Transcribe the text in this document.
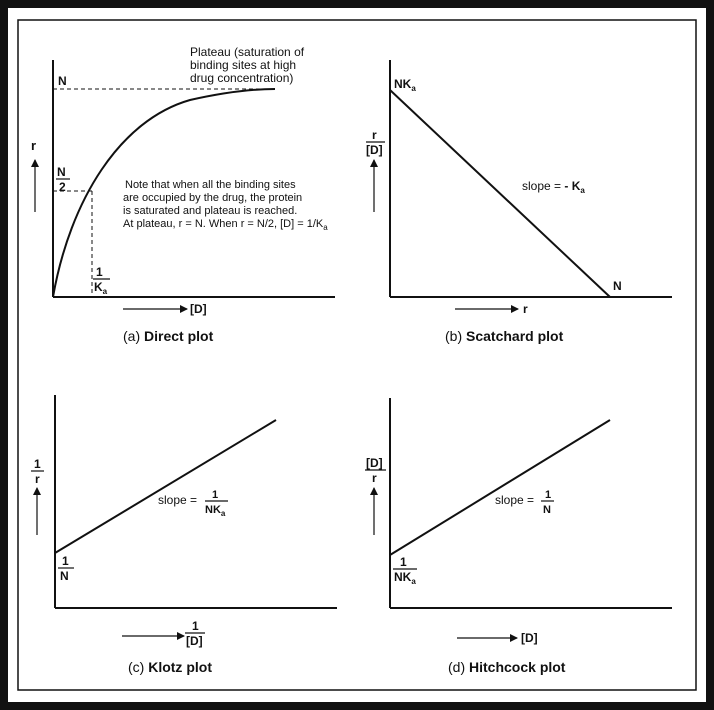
N
Plateau (saturation of
binding sites at high
drug concentration)
r
N
2
1
$K_a$
Note that when all the binding sites
are occupied by the drug, the protein
is saturated and plateau is reached.
At plateau, r = N. When r = N/2, $[D] = 1/K_a$
[D]
(a) Direct plot
$NK_a$
N
r
[D]
slope = - $K_a$
r
(b) Scatchard plot
1
r
1
N
slope = 1
$NK_a$
1
[D]
(c) Klotz plot
[D]
r
1
$NK_a$
slope = 1
N
[D]
(d) Hitchcock plot
